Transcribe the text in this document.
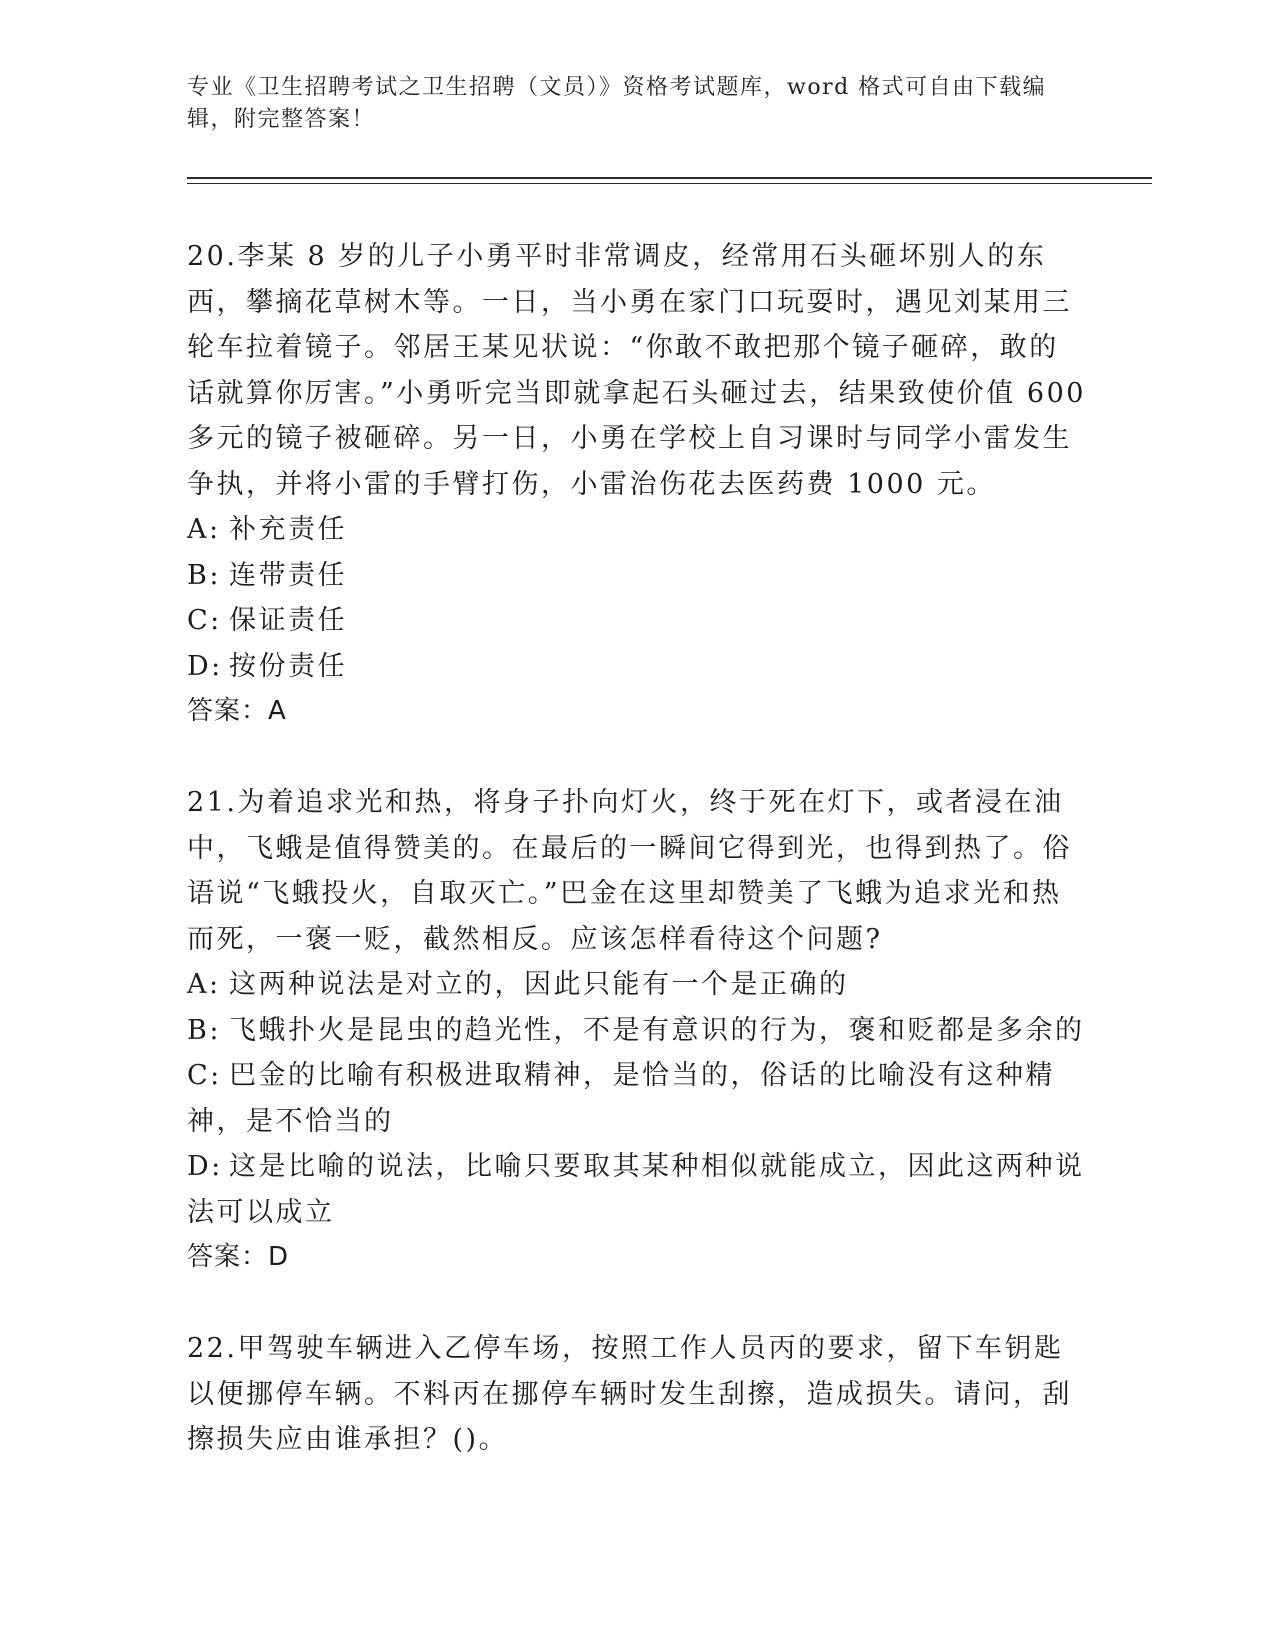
专业《卫生招聘考试之卫生招聘（文员）》资格考试题库，word 格式可自由下载编辑，附完整答案！

20.李某 8 岁的儿子小勇平时非常调皮，经常用石头砸坏别人的东西，攀摘花草树木等。一日，当小勇在家门口玩耍时，遇见刘某用三轮车拉着镜子。邻居王某见状说：“你敢不敢把那个镜子砸碎，敢的话就算你厉害。”小勇听完当即就拿起石头砸过去，结果致使价值 600 多元的镜子被砸碎。另一日，小勇在学校上自习课时与同学小雷发生争执，并将小雷的手臂打伤，小雷治伤花去医药费 1000 元。

A: 补充责任

B: 连带责任

C: 保证责任

D: 按份责任

答案：A

21.为着追求光和热，将身子扑向灯火，终于死在灯下，或者浸在油中，飞蛾是值得赞美的。在最后的一瞬间它得到光，也得到热了。俗语说“飞蛾投火，自取灭亡。”巴金在这里却赞美了飞蛾为追求光和热而死，一褒一贬，截然相反。应该怎样看待这个问题?

A: 这两种说法是对立的，因此只能有一个是正确的

B: 飞蛾扑火是昆虫的趋光性，不是有意识的行为，褒和贬都是多余的

C: 巴金的比喻有积极进取精神，是恰当的，俗话的比喻没有这种精神，是不恰当的

D: 这是比喻的说法，比喻只要取其某种相似就能成立，因此这两种说法可以成立

答案：D

22.甲驾驶车辆进入乙停车场，按照工作人员丙的要求，留下车钥匙以便挪停车辆。不料丙在挪停车辆时发生刮擦，造成损失。请问，刮擦损失应由谁承担？()。
